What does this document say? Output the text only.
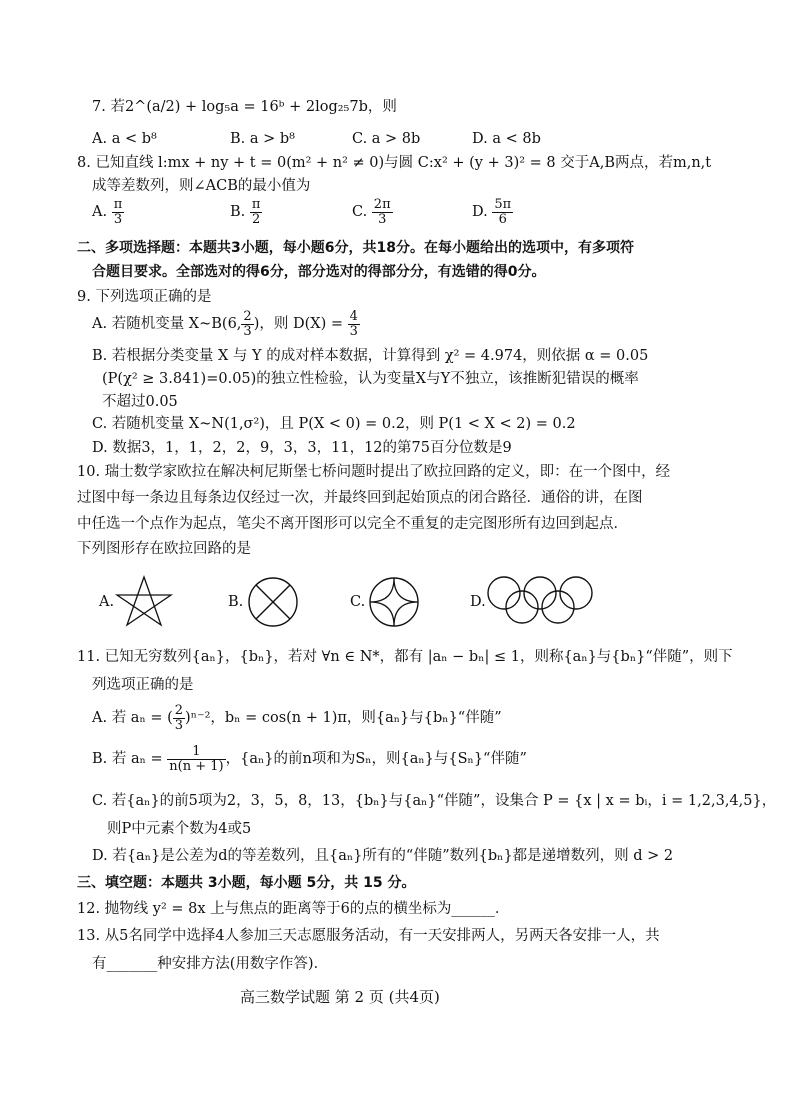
7. 若2^(a/2) + log₅a = 16ᵇ + 2log₂₅7b，则
A. a < b⁸	B. a > b⁸	C. a > 8b	D. a < 8b
8. 已知直线 l:mx + ny + t = 0(m² + n² ≠ 0)与圆 C:x² + (y + 3)² = 8 交于A,B两点，若m,n,t
成等差数列，则∠ACB的最小值为
A. $\frac{\pi}{3}$	B. $\frac{\pi}{2}$	C. $\frac{2\pi}{3}$	D. $\frac{5\pi}{6}$
二、多项选择题：本题共3小题，每小题6分，共18分。在每小题给出的选项中，有多项符
合题目要求。全部选对的得6分，部分选对的得部分分，有选错的得0分。
9. 下列选项正确的是
A. 若随机变量 X~B(6, $\frac{2}{3}$ )，则 $D(X) = \frac{4}{3}$
B. 若根据分类变量 X 与 Y 的成对样本数据，计算得到 χ² = 4.974，则依据 α = 0.05
(P(χ² ≥ 3.841)=0.05)的独立性检验，认为变量X与Y不独立，该推断犯错误的概率
不超过0.05
C. 若随机变量 X~N(1,σ²)，且 P(X < 0) = 0.2，则 P(1 < X < 2) = 0.2
D. 数据3，1，1，2，2，9，3，3，11，12的第75百分位数是9
10. 瑞士数学家欧拉在解决柯尼斯堡七桥问题时提出了欧拉回路的定义，即：在一个图中，经
过图中每一条边且每条边仅经过一次，并最终回到起始顶点的闭合路径．通俗的讲，在图
中任选一个点作为起点，笔尖不离开图形可以完全不重复的走完图形所有边回到起点．
下列图形存在欧拉回路的是
A.	B.	C.	D.
11. 已知无穷数列{aₙ}，{bₙ}，若对 ∀n ∈ N*，都有 |aₙ − bₙ| ≤ 1，则称{aₙ}与{bₙ}“伴随”，则下
列选项正确的是
A. 若 aₙ = ( $\frac{2}{3} )^{n-2}$，bₙ = cos(n + 1)π，则{aₙ}与{bₙ}“伴随”
B. 若 $a_n = \frac{1}{n(n + 1)}$ ，{aₙ}的前n项和为Sₙ，则{aₙ}与{Sₙ}“伴随”
C. 若{aₙ}的前5项为2，3，5，8，13，{bₙ}与{aₙ}“伴随”，设集合 P = {x | x = bᵢ，i = 1,2,3,4,5}，
则P中元素个数为4或5
D. 若{aₙ}是公差为d的等差数列，且{aₙ}所有的“伴随”数列{bₙ}都是递增数列，则 d > 2
三、填空题：本题共 3小题，每小题 5分，共 15 分。
12. 抛物线 y² = 8x 上与焦点的距离等于6的点的横坐标为______．
13. 从5名同学中选择4人参加三天志愿服务活动，有一天安排两人，另两天各安排一人，共
有_______种安排方法(用数字作答)．
高三数学试题 第 2 页 (共4页)
